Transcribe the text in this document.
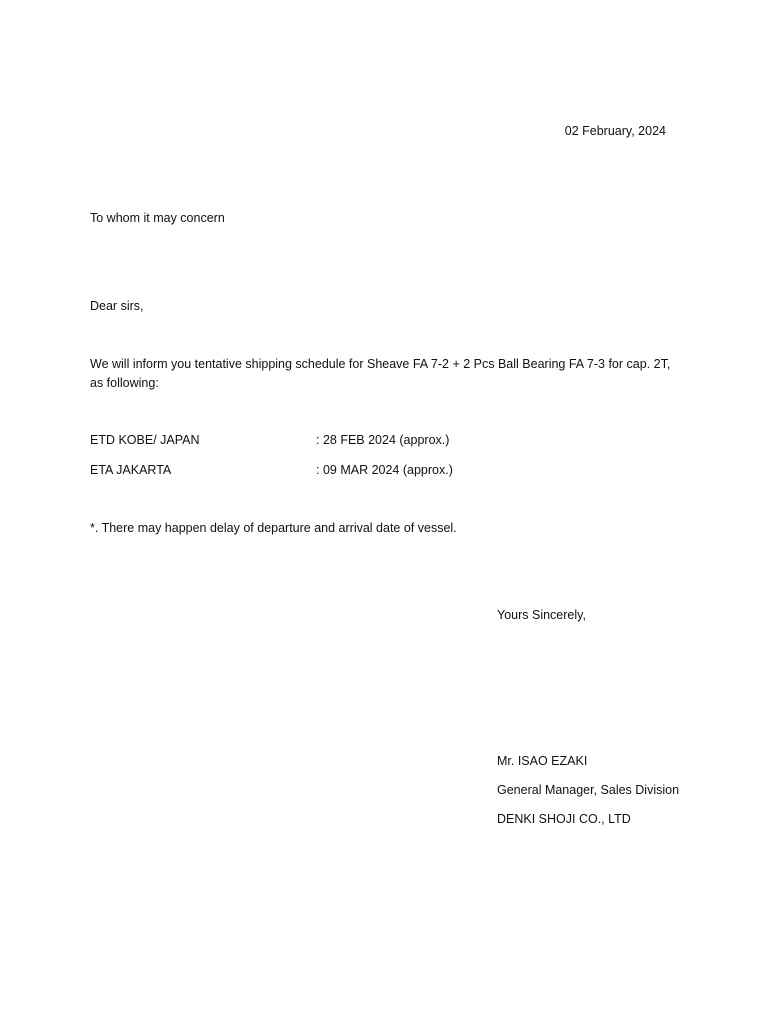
02 February, 2024
To whom it may concern
Dear sirs,
We will inform you tentative shipping schedule for Sheave FA 7-2 + 2 Pcs Ball Bearing FA 7-3 for cap. 2T,
as following:
ETD KOBE/ JAPAN	: 28 FEB 2024 (approx.)
ETA JAKARTA	: 09 MAR 2024 (approx.)
*. There may happen delay of departure and arrival date of vessel.
Yours Sincerely,
Mr. ISAO EZAKI
General Manager, Sales Division
DENKI SHOJI CO., LTD
